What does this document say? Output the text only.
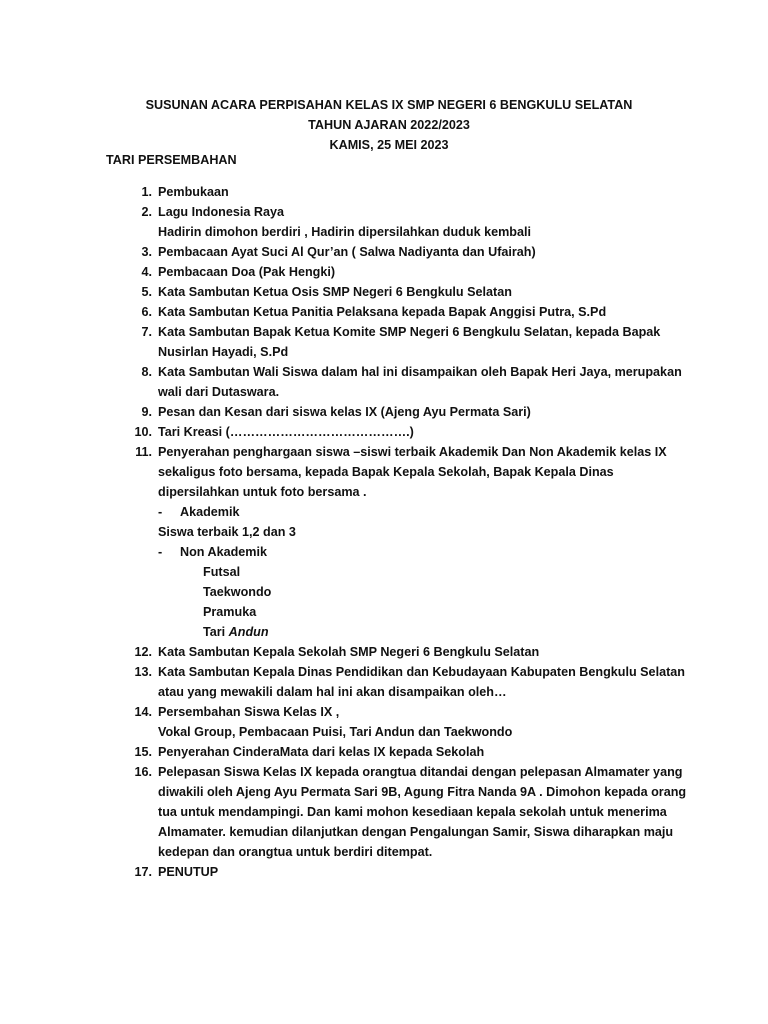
SUSUNAN ACARA PERPISAHAN KELAS IX SMP NEGERI 6 BENGKULU SELATAN
TAHUN AJARAN 2022/2023
KAMIS, 25 MEI 2023
TARI PERSEMBAHAN
1. Pembukaan
2. Lagu Indonesia Raya
Hadirin dimohon berdiri , Hadirin dipersilahkan duduk kembali
3. Pembacaan Ayat Suci Al Qur’an ( Salwa Nadiyanta dan Ufairah)
4. Pembacaan Doa (Pak Hengki)
5. Kata Sambutan Ketua Osis SMP Negeri 6 Bengkulu Selatan
6. Kata Sambutan Ketua Panitia Pelaksana kepada Bapak Anggisi Putra, S.Pd
7. Kata Sambutan Bapak Ketua Komite SMP Negeri 6 Bengkulu Selatan, kepada Bapak Nusirlan Hayadi, S.Pd
8. Kata Sambutan Wali Siswa dalam hal ini disampaikan oleh Bapak Heri Jaya, merupakan wali dari Dutaswara.
9. Pesan dan Kesan dari siswa kelas IX (Ajeng Ayu Permata Sari)
10. Tari Kreasi (…………………………………….)
11. Penyerahan penghargaan siswa –siswi terbaik Akademik Dan Non Akademik kelas IX sekaligus foto bersama, kepada Bapak Kepala Sekolah, Bapak Kepala Dinas dipersilahkan untuk foto bersama .
- Akademik
Siswa terbaik 1,2 dan 3
- Non Akademik
Futsal
Taekwondo
Pramuka
Tari Andun
12. Kata Sambutan Kepala Sekolah SMP Negeri 6 Bengkulu Selatan
13. Kata Sambutan Kepala Dinas Pendidikan dan Kebudayaan Kabupaten Bengkulu Selatan atau yang mewakili dalam hal ini akan disampaikan oleh…
14. Persembahan Siswa Kelas IX ,
Vokal Group, Pembacaan Puisi, Tari Andun dan Taekwondo
15. Penyerahan CinderaMata dari kelas IX kepada Sekolah
16. Pelepasan Siswa Kelas IX kepada orangtua ditandai dengan pelepasan Almamater yang diwakili oleh Ajeng Ayu Permata Sari 9B, Agung Fitra Nanda 9A . Dimohon kepada orang tua untuk mendampingi. Dan kami mohon kesediaan kepala sekolah untuk menerima Almamater. kemudian dilanjutkan dengan Pengalungan Samir, Siswa diharapkan maju kedepan dan orangtua untuk berdiri ditempat.
17. PENUTUP
